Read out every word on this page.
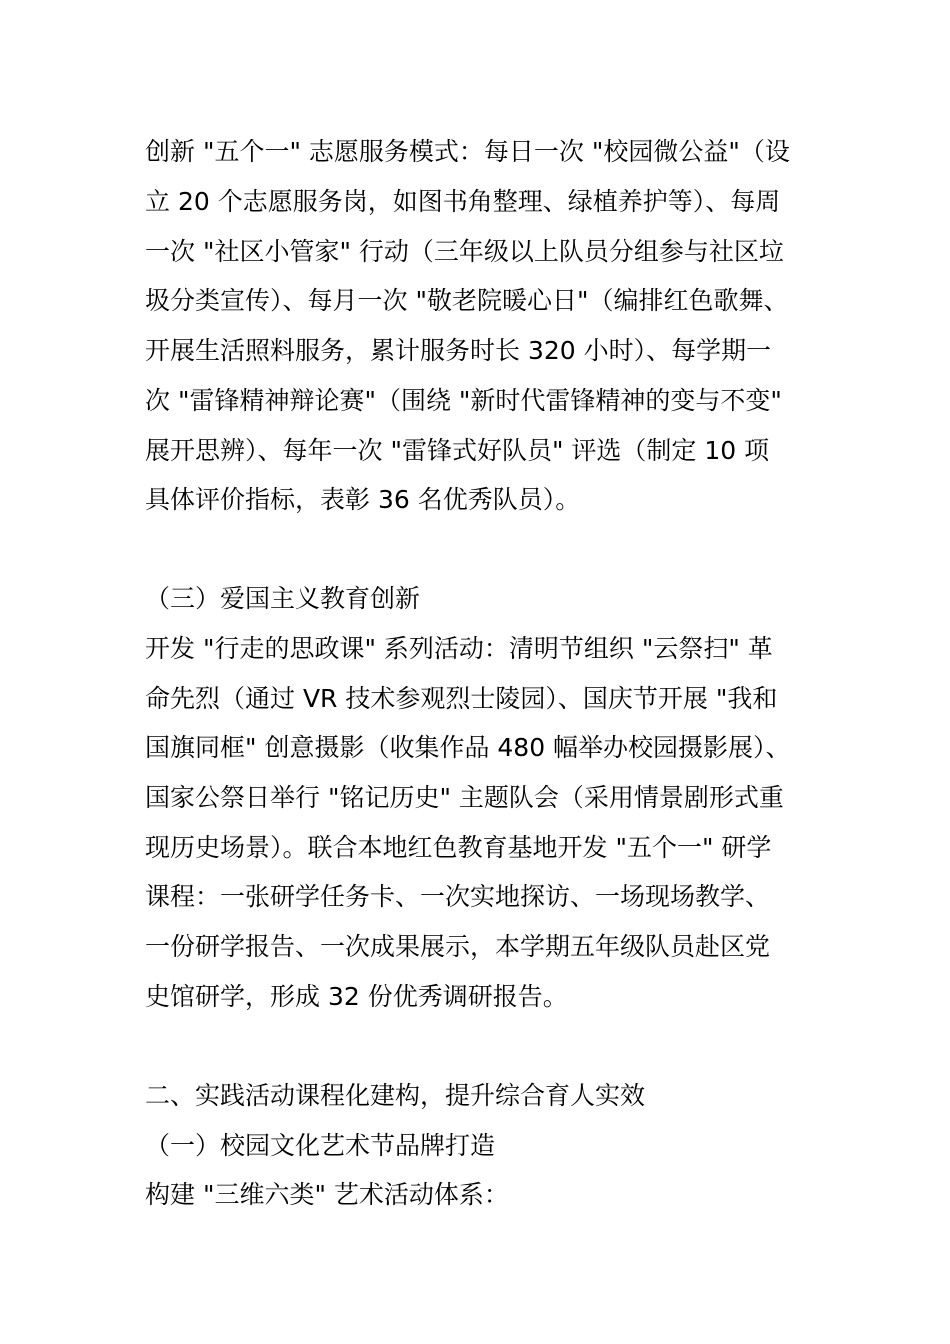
创新 "五个一" 志愿服务模式：每日一次 "校园微公益"（设
立 20 个志愿服务岗，如图书角整理、绿植养护等）、每周
一次 "社区小管家" 行动（三年级以上队员分组参与社区垃
圾分类宣传）、每月一次 "敬老院暖心日"（编排红色歌舞、
开展生活照料服务，累计服务时长 320 小时）、每学期一
次 "雷锋精神辩论赛"（围绕 "新时代雷锋精神的变与不变"
展开思辨）、每年一次 "雷锋式好队员" 评选（制定 10 项
具体评价指标，表彰 36 名优秀队员）。
（三）爱国主义教育创新
开发 "行走的思政课" 系列活动：清明节组织 "云祭扫" 革
命先烈（通过 VR 技术参观烈士陵园）、国庆节开展 "我和
国旗同框" 创意摄影（收集作品 480 幅举办校园摄影展）、
国家公祭日举行 "铭记历史" 主题队会（采用情景剧形式重
现历史场景）。联合本地红色教育基地开发 "五个一" 研学
课程：一张研学任务卡、一次实地探访、一场现场教学、
一份研学报告、一次成果展示，本学期五年级队员赴区党
史馆研学，形成 32 份优秀调研报告。
二、实践活动课程化建构，提升综合育人实效
（一）校园文化艺术节品牌打造
构建 "三维六类" 艺术活动体系：
